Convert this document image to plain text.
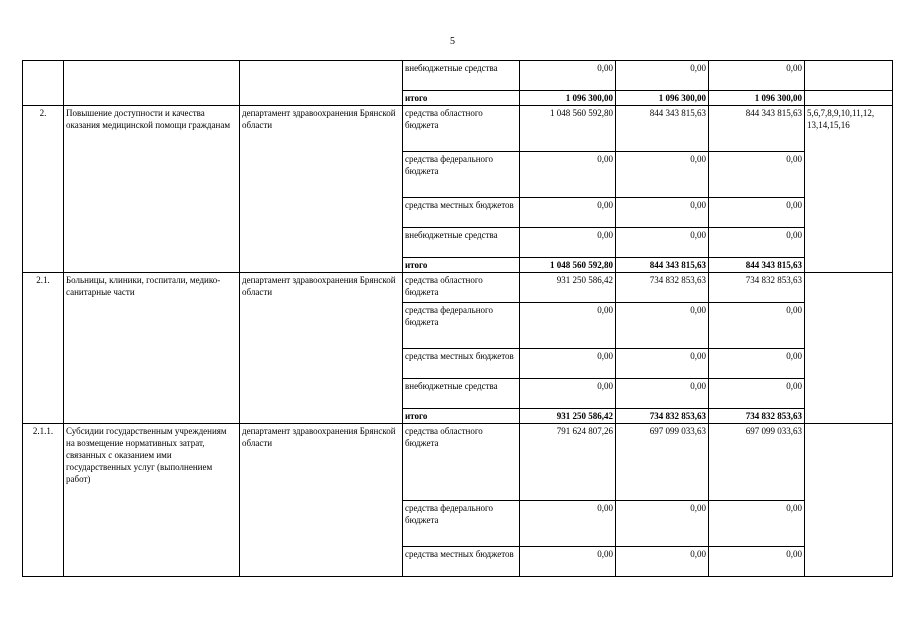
5
			внебюджетные средства	0,00	0,00	0,00	
			итого	1 096 300,00	1 096 300,00	1 096 300,00	
2.	Повышение доступности и качества оказания медицинской помощи гражданам	департамент здравоохранения Брянской области	средства областного бюджета	1 048 560 592,80	844 343 815,63	844 343 815,63	5,6,7,8,9,10,11,12, 13,14,15,16
			средства федерального бюджета	0,00	0,00	0,00	
			средства местных бюджетов	0,00	0,00	0,00	
			внебюджетные средства	0,00	0,00	0,00	
			итого	1 048 560 592,80	844 343 815,63	844 343 815,63	
2.1.	Больницы, клиники, госпитали, медико-санитарные части	департамент здравоохранения Брянской области	средства областного бюджета	931 250 586,42	734 832 853,63	734 832 853,63	
			средства федерального бюджета	0,00	0,00	0,00	
			средства местных бюджетов	0,00	0,00	0,00	
			внебюджетные средства	0,00	0,00	0,00	
			итого	931 250 586,42	734 832 853,63	734 832 853,63	
2.1.1.	Субсидии государственным учреждениям на возмещение нормативных затрат, связанных с оказанием ими государственных услуг (выполнением работ)	департамент здравоохранения Брянской области	средства областного бюджета	791 624 807,26	697 099 033,63	697 099 033,63	
			средства федерального бюджета	0,00	0,00	0,00	
			средства местных бюджетов	0,00	0,00	0,00	
